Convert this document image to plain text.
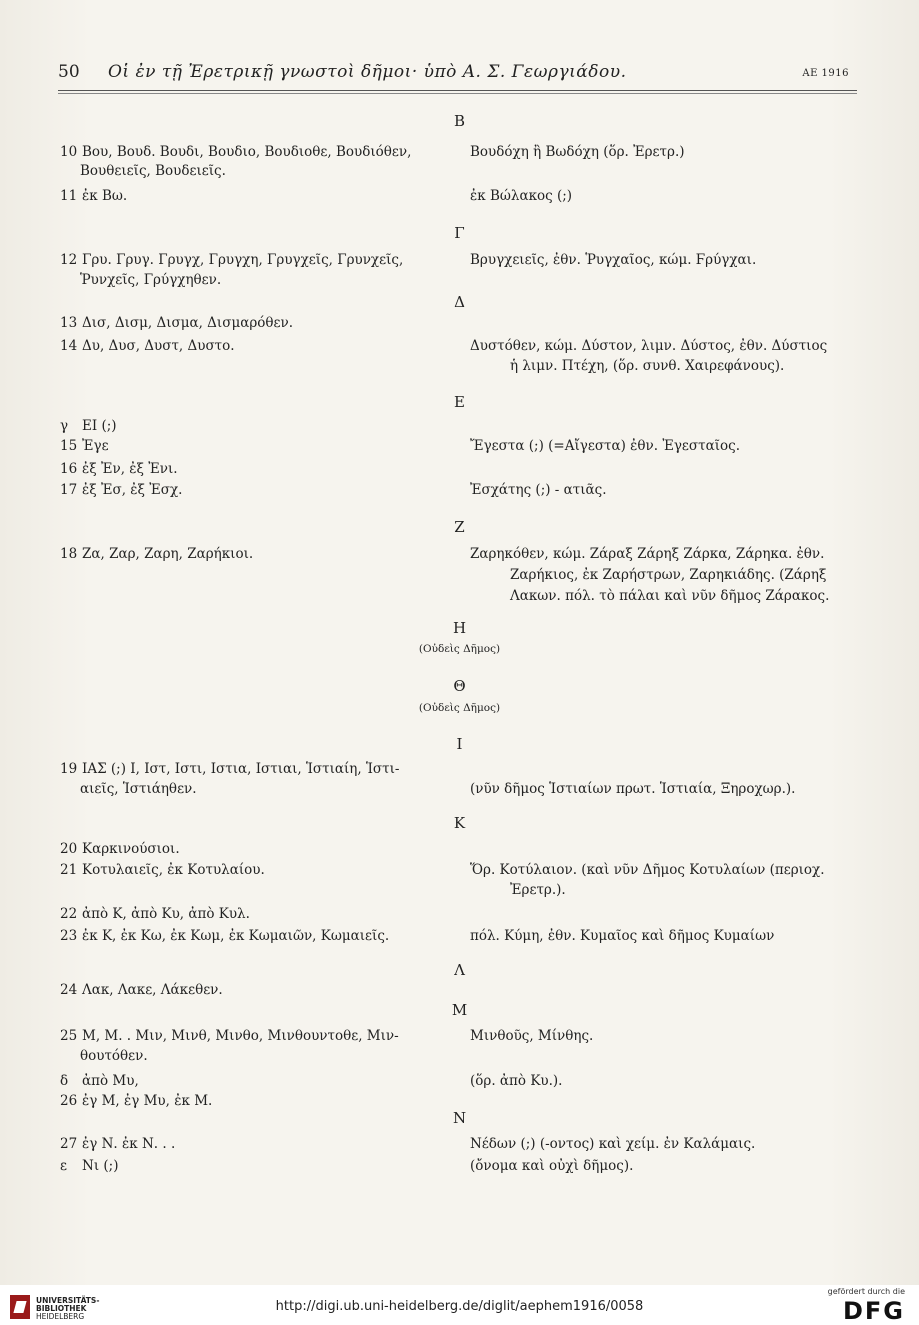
50 Οἱ ἐν τῇ Ἐρετρικῇ γνωστοὶ δῆμοι· ὑπὸ Α. Σ. Γεωργιάδου.	ΑΕ 1916
Β
Γ
Δ
Ε
Ζ
Η
(Οὐδεὶς Δῆμος)
Θ
(Οὐδεὶς Δῆμος)
Ι
Κ
Λ
Μ
Ν
10 Βου, Βουδ. Βουδι, Βουδιο, Βουδιοθε, Βουδιόθεν,
Βουθειεῖς, Βουδειεῖς.
11 ἐκ Βω.
12 Γρυ. Γρυγ. Γρυγχ, Γρυγχη, Γρυγχεῖς, Γρυνχεῖς,
Ῥυνχεῖς, Γρύγχηθεν.
13 Δισ, Δισμ, Δισμα, Δισμαρόθεν.
14 Δυ, Δυσ, Δυστ, Δυστο.
γ ΕΙ (;)
15 Ἐγε
16 ἐξ Ἐν, ἐξ Ἐνι.
17 ἐξ Ἐσ, ἐξ Ἐσχ.
18 Ζα, Ζαρ, Ζαρη, Ζαρήκιοι.
19 ΙΑΣ (;) Ι, Ιστ, Ιστι, Ιστια, Ιστιαι, Ἱστιαίη, Ἱστι-
αιεῖς, Ἱστιάηθεν.
20 Καρκινούσιοι.
21 Κοτυλαιεῖς, ἐκ Κοτυλαίου.
22 ἀπὸ Κ, ἀπὸ Κυ, ἀπὸ Κυλ.
23 ἐκ Κ, ἐκ Κω, ἐκ Κωμ, ἐκ Κωμαιῶν, Κωμαιεῖς.
24 Λακ, Λακε, Λάκεθεν.
25 Μ, Μ. . Μιν, Μινθ, Μινθο, Μινθουντοθε, Μιν-
θουτόθεν.
δ ἀπὸ Μυ,
26 ἐγ Μ, ἐγ Μυ, ἐκ Μ.
27 ἐγ Ν. ἐκ Ν. . .
ε Νι (;)
Βουδόχη ἢ Βωδόχη (ὅρ. Ἐρετρ.)
ἐκ Βώλακος (;)
Βρυγχειεῖς, ἐθν. Ῥυγχαῖος, κώμ. Ϝρύγχαι.
Δυστόθεν, κώμ. Δύστον, λιμν. Δύστος, ἐθν. Δύστιος
ἡ λιμν. Πτέχη, (ὅρ. συνθ. Χαιρεφάνους).
Ἔγεστα (;) (=Αἴγεστα) ἐθν. Ἐγεσταῖος.
Ἐσχάτης (;) - ατιᾶς.
Ζαρηκόθεν, κώμ. Ζάραξ Ζάρηξ Ζάρκα, Ζάρηκα. ἐθν.
Ζαρήκιος, ἐκ Ζαρήστρων, Ζαρηκιάδης. (Ζάρηξ
Λακων. πόλ. τὸ πάλαι καὶ νῦν δῆμος Ζάρακος.
(νῦν δῆμος Ἱστιαίων πρωτ. Ἱστιαία, Ξηροχωρ.).
Ὅρ. Κοτύλαιον. (καὶ νῦν Δῆμος Κοτυλαίων (περιοχ.
Ἐρετρ.).
πόλ. Κύμη, ἐθν. Κυμαῖος καὶ δῆμος Κυμαίων
Μινθοῦς, Μίνθης.
(ὅρ. ἀπὸ Κυ.).
Νέδων (;) (-οντος) καὶ χείμ. ἐν Καλάμαις.
(ὄνομα καὶ οὐχὶ δῆμος).
UNIVERSITÄTS-
BIBLIOTHEK
HEIDELBERG
http://digi.ub.uni-heidelberg.de/diglit/aephem1916/0058
gefördert durch die
DFG
